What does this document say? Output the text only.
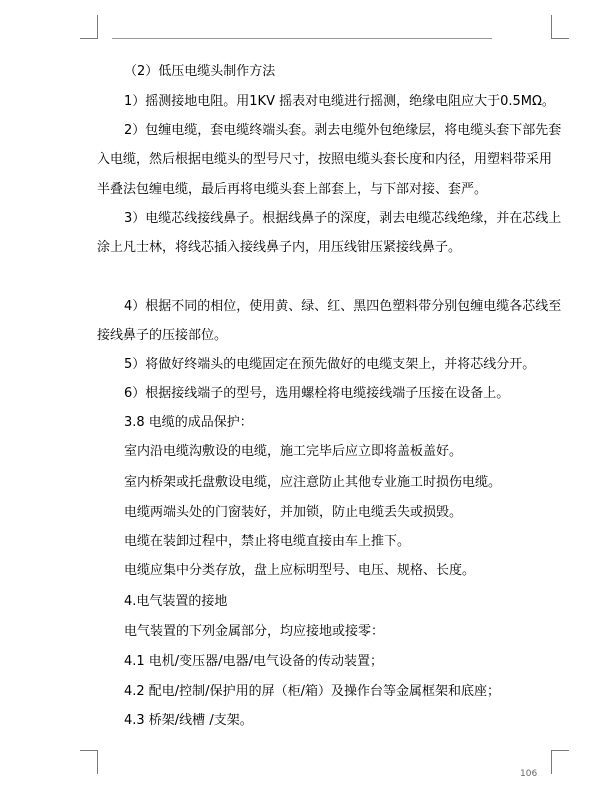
（2）低压电缆头制作方法
1）摇测接地电阻。用1KV 摇表对电缆进行摇测，绝缘电阻应大于0.5MΩ。
2）包缠电缆，套电缆终端头套。剥去电缆外包绝缘层，将电缆头套下部先套
入电缆，然后根据电缆头的型号尺寸，按照电缆头套长度和内径，用塑料带采用
半叠法包缠电缆，最后再将电缆头套上部套上，与下部对接、套严。
3）电缆芯线接线鼻子。根据线鼻子的深度，剥去电缆芯线绝缘，并在芯线上
涂上凡士林，将线芯插入接线鼻子内，用压线钳压紧接线鼻子。
4）根据不同的相位，使用黄、绿、红、黑四色塑料带分别包缠电缆各芯线至
接线鼻子的压接部位。
5）将做好终端头的电缆固定在预先做好的电缆支架上，并将芯线分开。
6）根据接线端子的型号，选用螺栓将电缆接线端子压接在设备上。
3.8 电缆的成品保护：
室内沿电缆沟敷设的电缆，施工完毕后应立即将盖板盖好。
室内桥架或托盘敷设电缆，应注意防止其他专业施工时损伤电缆。
电缆两端头处的门窗装好，并加锁，防止电缆丢失或损毁。
电缆在装卸过程中，禁止将电缆直接由车上推下。
电缆应集中分类存放，盘上应标明型号、电压、规格、长度。
4.电气装置的接地
电气装置的下列金属部分，均应接地或接零：
4.1 电机/变压器/电器/电气设备的传动装置；
4.2 配电/控制/保护用的屏（柜/箱）及操作台等金属框架和底座；
4.3 桥架/线槽 /支架。
106
